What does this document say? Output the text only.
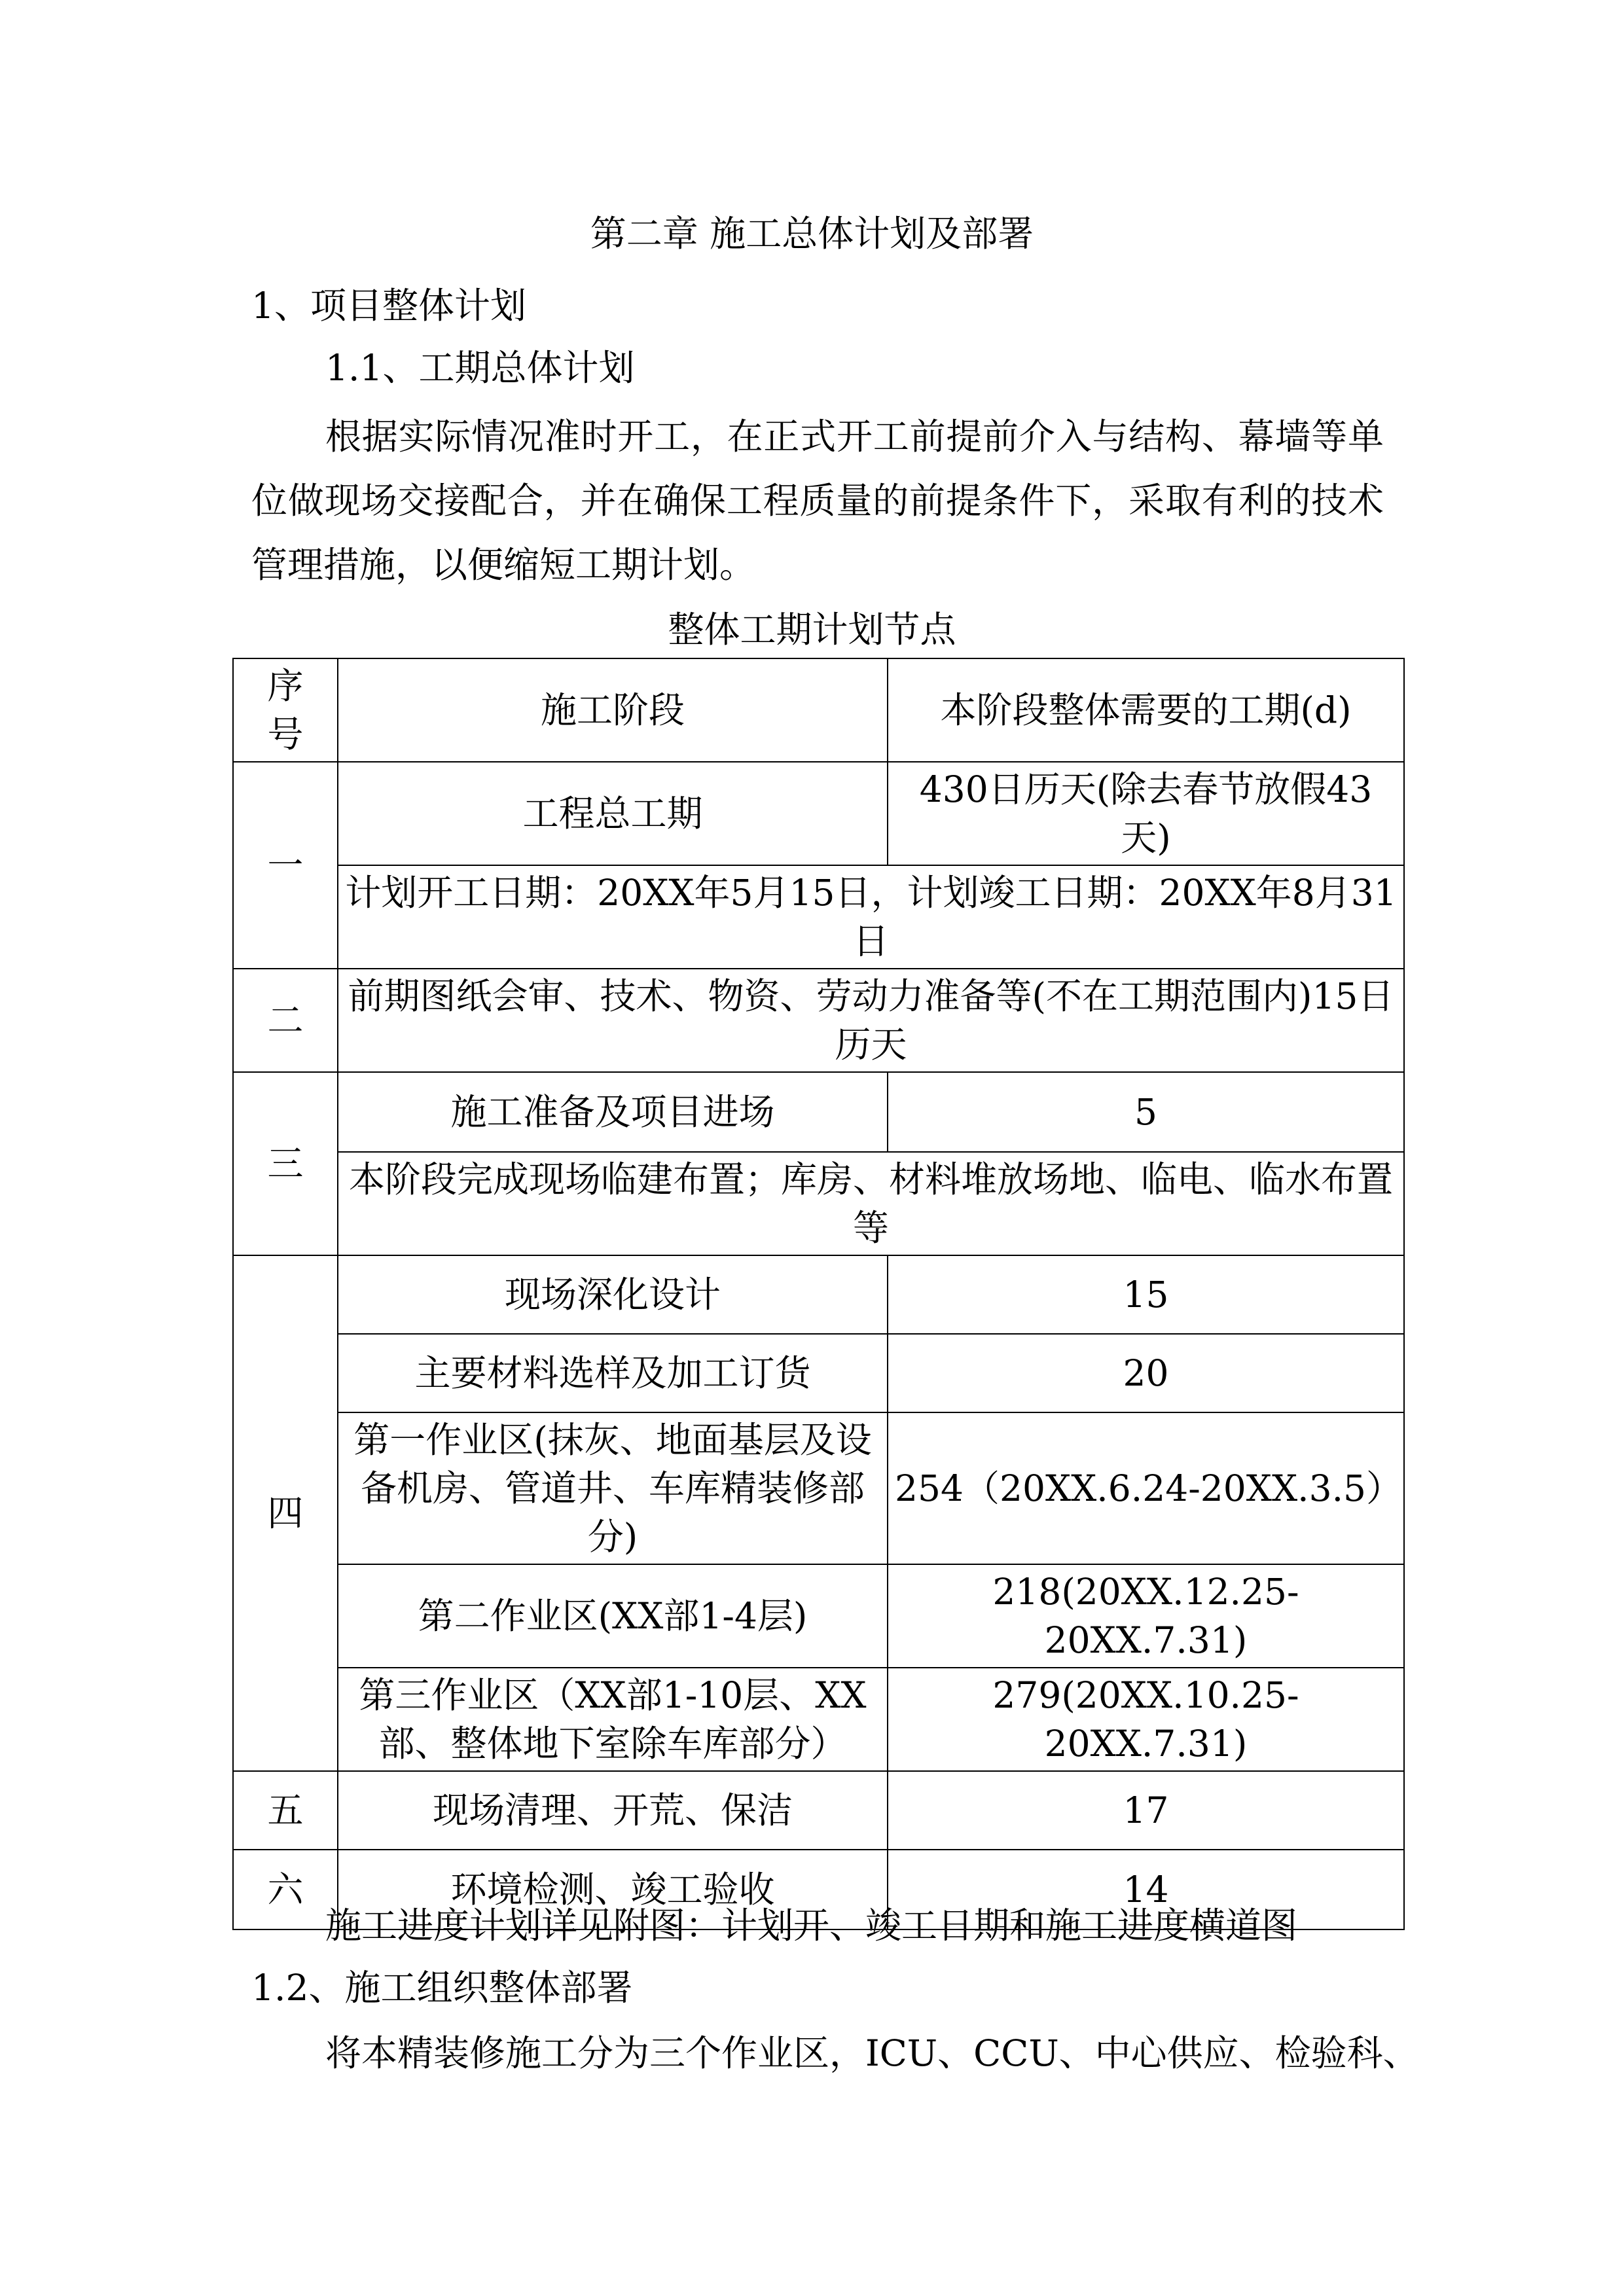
第二章 施工总体计划及部署
1、项目整体计划
1.1、工期总体计划
根据实际情况准时开工，在正式开工前提前介入与结构、幕墙等单位做现场交接配合，并在确保工程质量的前提条件下，采取有利的技术管理措施，以便缩短工期计划。
整体工期计划节点
序号	施工阶段	本阶段整体需要的工期(d)
一	工程总工期	430日历天(除去春节放假43天)
	计划开工日期：20XX年5月15日，计划竣工日期：20XX年8月31日	
二	前期图纸会审、技术、物资、劳动力准备等(不在工期范围内)15日历天	
三	施工准备及项目进场	5
	本阶段完成现场临建布置；库房、材料堆放场地、临电、临水布置等	
四	现场深化设计	15
	主要材料选样及加工订货	20
	第一作业区(抹灰、地面基层及设备机房、管道井、车库精装修部分)	254（20XX.6.24-20XX.3.5）
	第二作业区(XX部1-4层)	218(20XX.12.25-20XX.7.31)
	第三作业区（XX部1-10层、XX部、整体地下室除车库部分）	279(20XX.10.25-20XX.7.31)
五	现场清理、开荒、保洁	17
六	环境检测、竣工验收	14
施工进度计划详见附图：计划开、竣工日期和施工进度横道图
1.2、施工组织整体部署
将本精装修施工分为三个作业区，ICU、CCU、中心供应、检验科、
